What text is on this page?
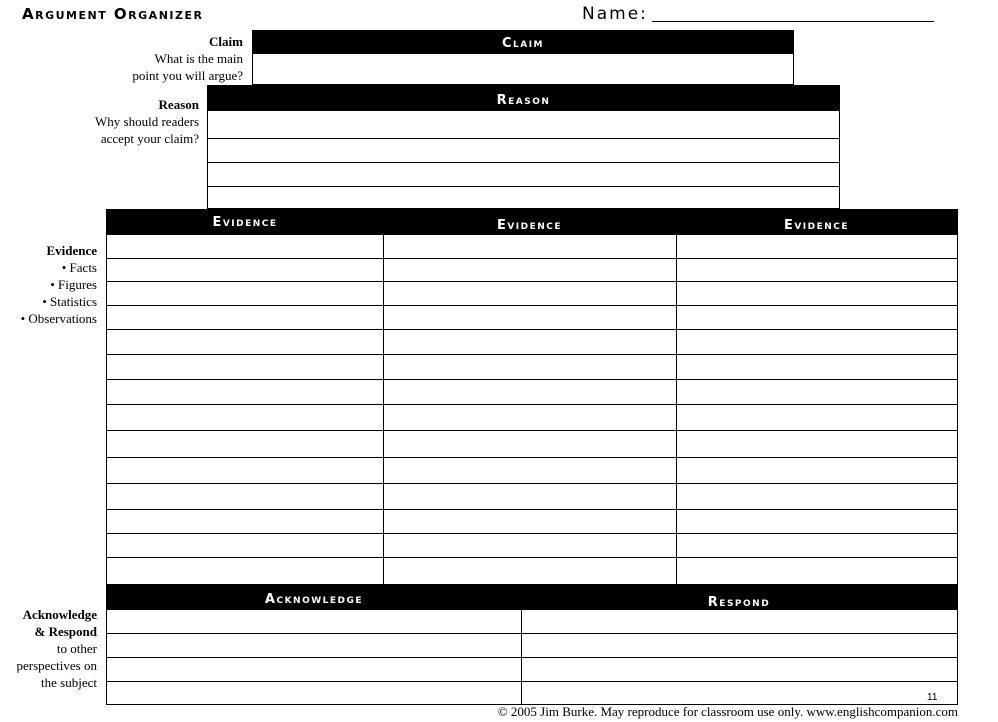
Argument Organizer	Name:
Claim
What is the main
point you will argue?
Claim
Reason
Why should readers
accept your claim?
Reason
Evidence
• Facts
• Figures
• Statistics
• Observations
Evidence	Evidence	Evidence
Acknowledge
& Respond
to other
perspectives on
the subject
Acknowledge	Respond
11
© 2005 Jim Burke. May reproduce for classroom use only. www.englishcompanion.com
